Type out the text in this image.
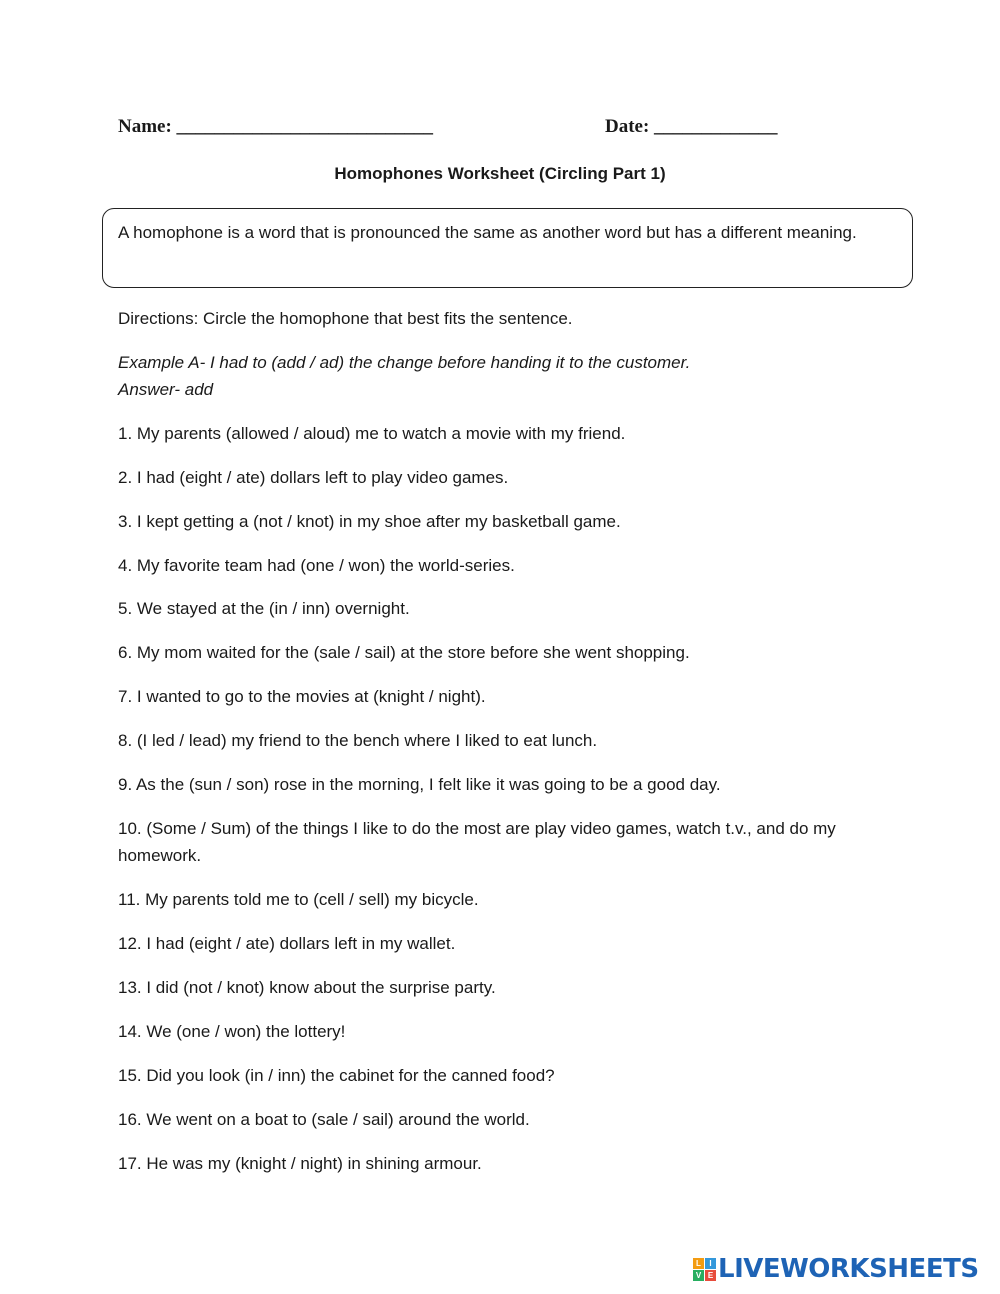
Name: ___________________________	Date: _____________
Homophones Worksheet (Circling Part 1)
A homophone is a word that is pronounced the same as another word but has a different meaning.
Directions: Circle the homophone that best fits the sentence.
Example A- I had to (add / ad) the change before handing it to the customer.
Answer- add
1. My parents (allowed / aloud) me to watch a movie with my friend.
2. I had (eight / ate) dollars left to play video games.
3. I kept getting a (not / knot) in my shoe after my basketball game.
4. My favorite team had (one / won) the world-series.
5. We stayed at the (in / inn) overnight.
6. My mom waited for the (sale / sail) at the store before she went shopping.
7. I wanted to go to the movies at (knight / night).
8. (I led / lead) my friend to the bench where I liked to eat lunch.
9. As the (sun / son) rose in the morning, I felt like it was going to be a good day.
10. (Some / Sum) of the things I like to do the most are play video games, watch t.v., and do my homework.
11. My parents told me to (cell / sell) my bicycle.
12. I had (eight / ate) dollars left in my wallet.
13. I did (not / knot) know about the surprise party.
14. We (one / won) the lottery!
15. Did you look (in / inn) the cabinet for the canned food?
16. We went on a boat to (sale / sail) around the world.
17. He was my (knight / night) in shining armour.
L	I
V E LIVEWORKSHEETS
